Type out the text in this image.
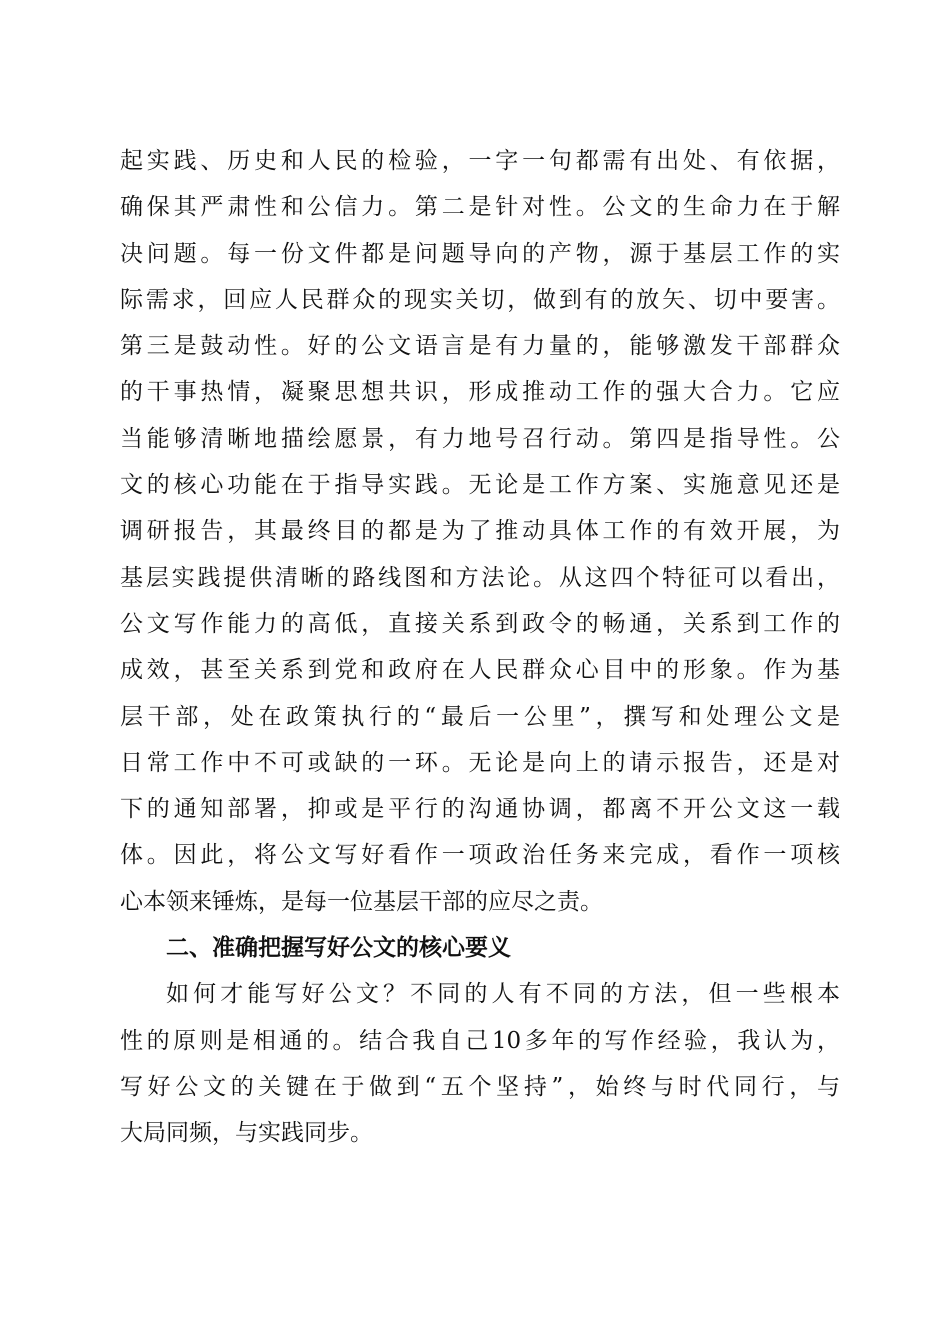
起实践、历史和人民的检验，一字一句都需有出处、有依据，
确保其严肃性和公信力。第二是针对性。公文的生命力在于解
决问题。每一份文件都是问题导向的产物，源于基层工作的实
际需求，回应人民群众的现实关切，做到有的放矢、切中要害。
第三是鼓动性。好的公文语言是有力量的，能够激发干部群众
的干事热情，凝聚思想共识，形成推动工作的强大合力。它应
当能够清晰地描绘愿景，有力地号召行动。第四是指导性。公
文的核心功能在于指导实践。无论是工作方案、实施意见还是
调研报告，其最终目的都是为了推动具体工作的有效开展，为
基层实践提供清晰的路线图和方法论。从这四个特征可以看出，
公文写作能力的高低，直接关系到政令的畅通，关系到工作的
成效，甚至关系到党和政府在人民群众心目中的形象。作为基
层干部，处在政策执行的“最后一公里”，撰写和处理公文是
日常工作中不可或缺的一环。无论是向上的请示报告，还是对
下的通知部署，抑或是平行的沟通协调，都离不开公文这一载
体。因此，将公文写好看作一项政治任务来完成，看作一项核
心本领来锤炼，是每一位基层干部的应尽之责。
二、准确把握写好公文的核心要义
如何才能写好公文？不同的人有不同的方法，但一些根本
性的原则是相通的。结合我自己10多年的写作经验，我认为，
写好公文的关键在于做到“五个坚持”，始终与时代同行，与
大局同频，与实践同步。
